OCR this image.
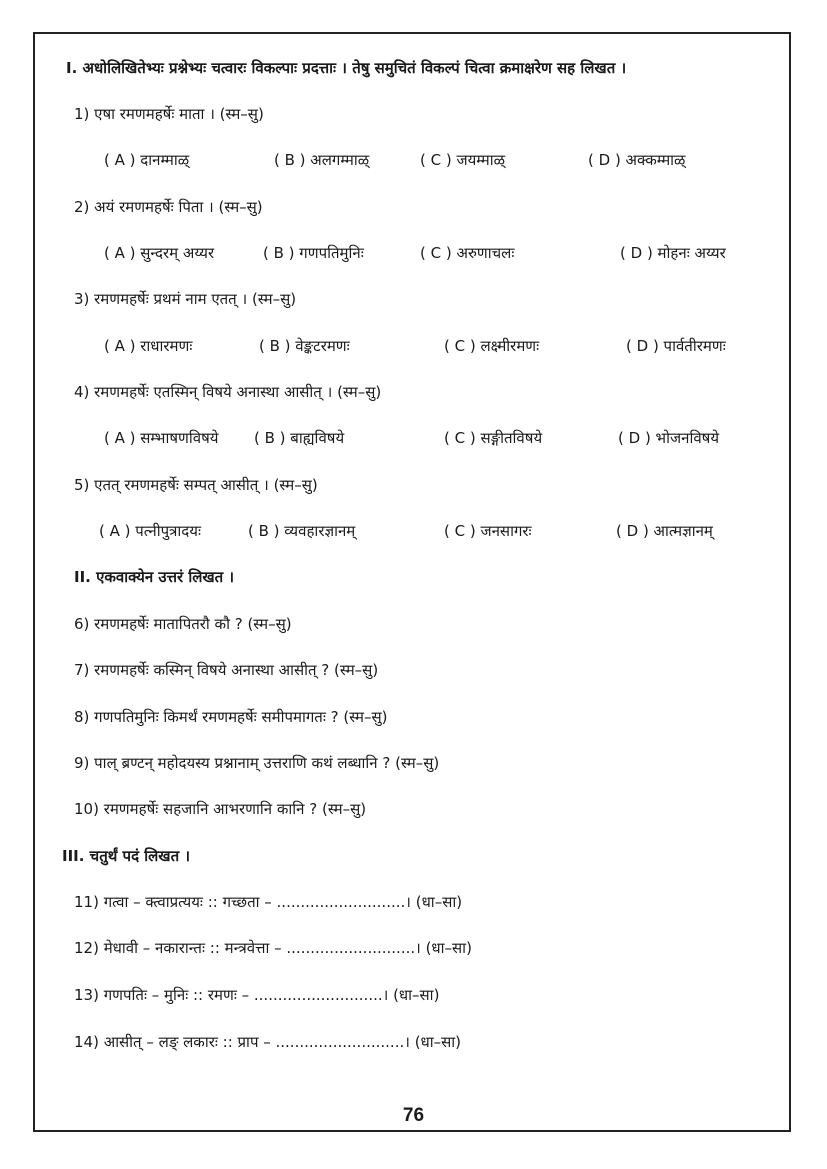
I. अधोलिखितेभ्यः प्रश्नेभ्यः चत्वारः विकल्पाः प्रदत्ताः । तेषु समुचितं विकल्पं चित्वा क्रमाक्षरेण सह लिखत ।
1) एषा रमणमहर्षेः माता । (स्म–सु)
( A ) दानम्माळ्	( B ) अलगम्माळ्	( C ) जयम्माळ्	( D ) अक्कम्माळ्
2) अयं रमणमहर्षेः पिता । (स्म–सु)
( A ) सुन्दरम् अय्यर	( B ) गणपतिमुनिः	( C ) अरुणाचलः	( D ) मोहनः अय्यर
3) रमणमहर्षेः प्रथमं नाम एतत् । (स्म–सु)
( A ) राधारमणः	( B ) वेङ्कटरमणः	( C ) लक्ष्मीरमणः	( D ) पार्वतीरमणः
4) रमणमहर्षेः एतस्मिन् विषये अनास्था आसीत् । (स्म–सु)
( A ) सम्भाषणविषये ( B ) बाह्यविषये	( C ) सङ्गीतविषये	( D ) भोजनविषये
5) एतत् रमणमहर्षेः सम्पत् आसीत् । (स्म–सु)
( A ) पत्नीपुत्रादयः	( B ) व्यवहारज्ञानम्	( C ) जनसागरः	( D ) आत्मज्ञानम्
II. एकवाक्येन उत्तरं लिखत ।
6) रमणमहर्षेः मातापितरौ कौ ? (स्म–सु)
7) रमणमहर्षेः कस्मिन् विषये अनास्था आसीत् ? (स्म–सु)
8) गणपतिमुनिः किमर्थं रमणमहर्षेः समीपमागतः ? (स्म–सु)
9) पाल् ब्रण्टन् महोदयस्य प्रश्नानाम् उत्तराणि कथं लब्धानि ? (स्म–सु)
10) रमणमहर्षेः सहजानि आभरणानि कानि ? (स्म–सु)
III. चतुर्थं पदं लिखत ।
11) गत्वा – क्त्वाप्रत्ययः :: गच्छता – ...........................। (धा–सा)
12) मेधावी – नकारान्तः :: मन्त्रवेत्ता – ...........................। (धा–सा)
13) गणपतिः – मुनिः :: रमणः – ...........................। (धा–सा)
14) आसीत् – लङ् लकारः :: प्राप – ...........................। (धा–सा)
76
